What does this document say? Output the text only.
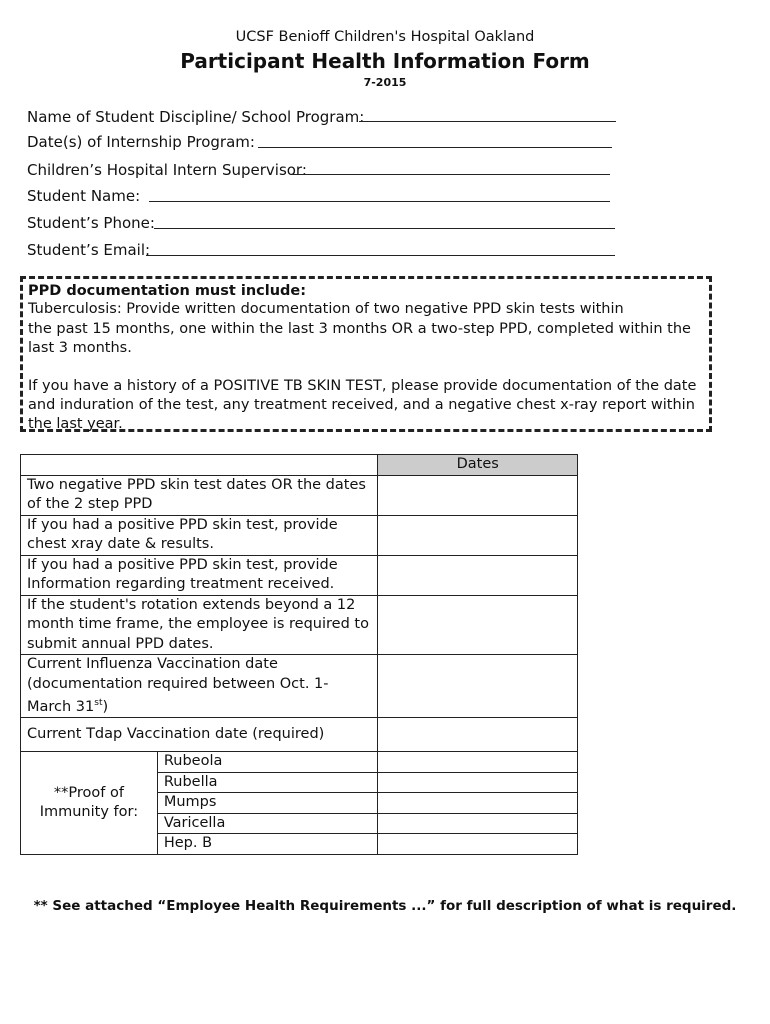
UCSF Benioff Children's Hospital Oakland
Participant Health Information Form
7-2015
Name of Student Discipline/ School Program:
Date(s) of Internship Program:
Children’s Hospital Intern Supervisor:
Student Name:
Student’s Phone:
Student’s Email:
PPD documentation must include:
Tuberculosis: Provide written documentation of two negative PPD skin tests within
the past 15 months, one within the last 3 months OR a two-step PPD, completed within the
last 3 months.
If you have a history of a POSITIVE TB SKIN TEST, please provide documentation of the date
and induration of the test, any treatment received, and a negative chest x-ray report within
the last year.
		Dates
Two negative PPD skin test dates OR the dates of the 2 step PPD		
If you had a positive PPD skin test, provide chest xray date & results.		
If you had a positive PPD skin test, provide Information regarding treatment received.		
If the student's rotation extends beyond a 12 month time frame, the employee is required to submit annual PPD dates.		
Current Influenza Vaccination date (documentation required between Oct. 1-March 31st)		
Current Tdap Vaccination date (required)		
**Proof of Immunity for:	Rubeola	
	Rubella	
	Mumps	
	Varicella	
	Hep. B	
** See attached “Employee Health Requirements ...” for full description of what is required.
